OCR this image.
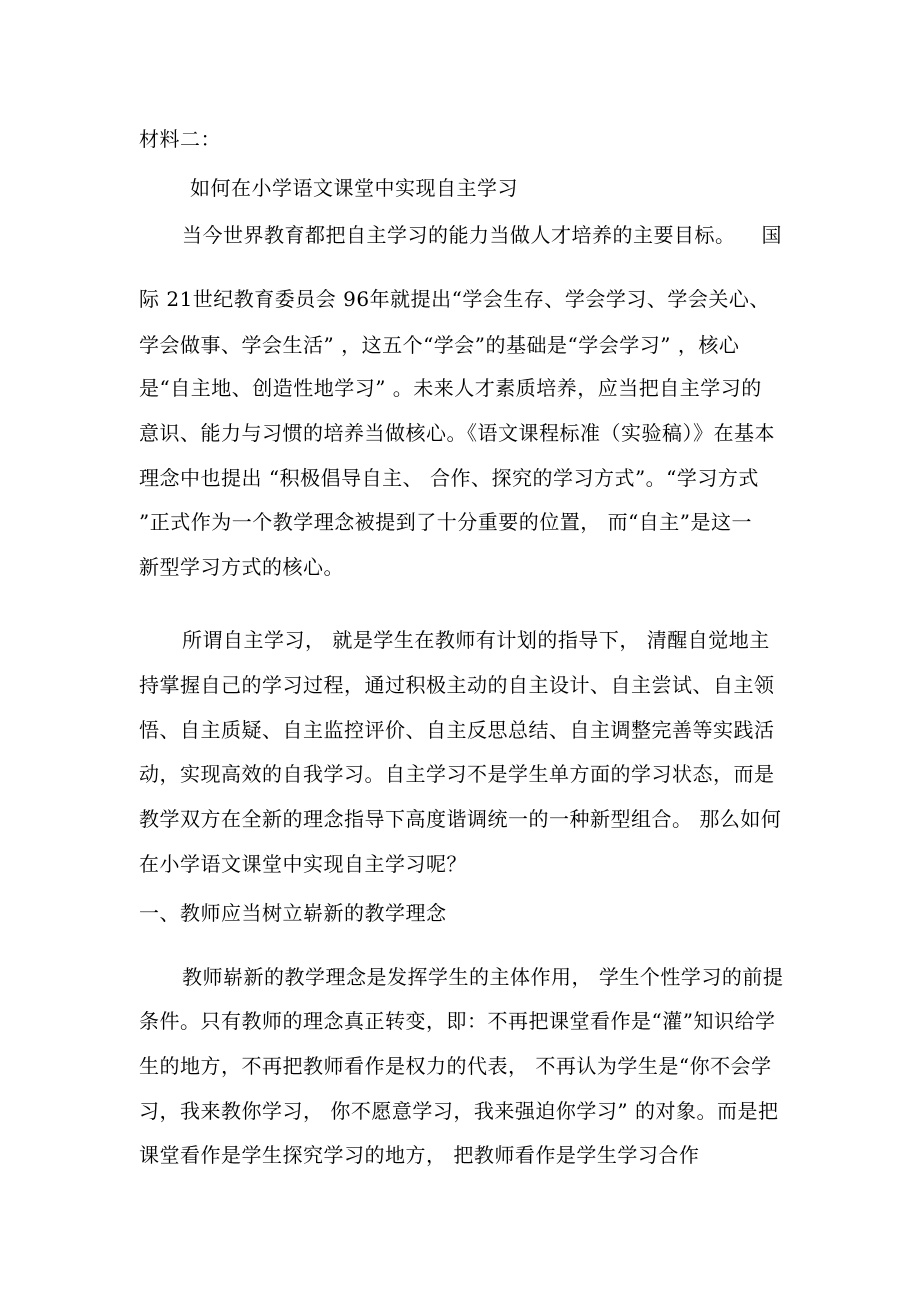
材料二：
如何在小学语文课堂中实现自主学习
当今世界教育都把自主学习的能力当做人才培养的主要目标。 国
际 21世纪教育委员会 96年就提出“学会生存、学会学习、学会关心、
学会做事、学会生活” ，这五个“学会”的基础是“学会学习” ，核心
是“自主地、创造性地学习” 。未来人才素质培养，应当把自主学习的
意识、能力与习惯的培养当做核心。《语文课程标准（实验稿）》在基本
理念中也提出 “积极倡导自主、 合作、探究的学习方式”。“学习方式
”正式作为一个教学理念被提到了十分重要的位置， 而“自主”是这一
新型学习方式的核心。
所谓自主学习， 就是学生在教师有计划的指导下， 清醒自觉地主
持掌握自己的学习过程，通过积极主动的自主设计、自主尝试、自主领
悟、自主质疑、自主监控评价、自主反思总结、自主调整完善等实践活
动，实现高效的自我学习。自主学习不是学生单方面的学习状态，而是
教学双方在全新的理念指导下高度谐调统一的一种新型组合。 那么如何
在小学语文课堂中实现自主学习呢？
一、教师应当树立崭新的教学理念
教师崭新的教学理念是发挥学生的主体作用， 学生个性学习的前提
条件。只有教师的理念真正转变，即：不再把课堂看作是“灌”知识给学
生的地方，不再把教师看作是权力的代表， 不再认为学生是“你不会学
习，我来教你学习， 你不愿意学习，我来强迫你学习” 的对象。而是把
课堂看作是学生探究学习的地方， 把教师看作是学生学习合作
